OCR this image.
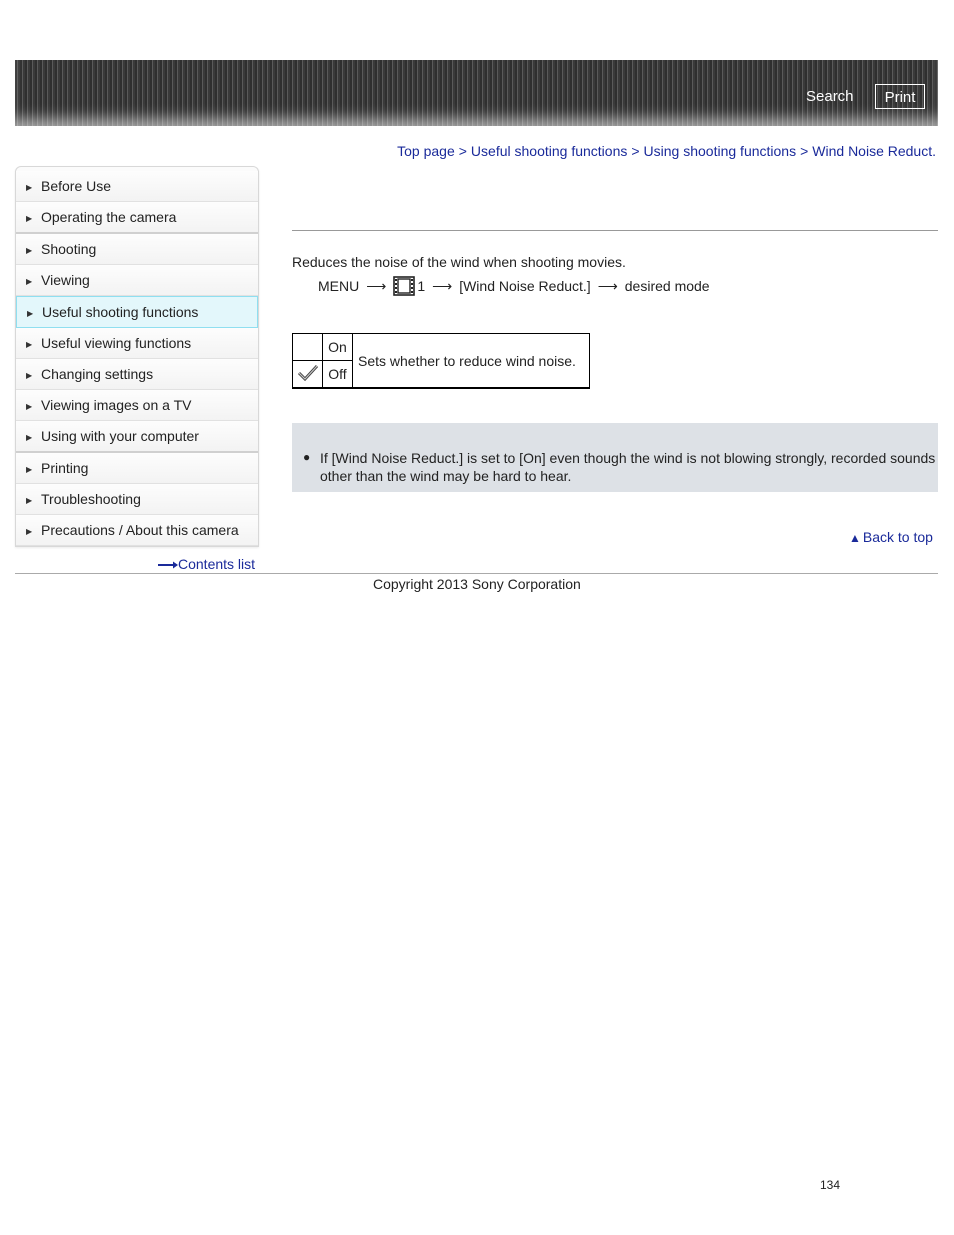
Search	Print
Top page > Useful shooting functions > Using shooting functions > Wind Noise Reduct.
▶ Before Use
▶ Operating the camera
▶ Shooting
▶ Viewing
▶ Useful shooting functions
▶ Useful viewing functions
▶ Changing settings
▶ Viewing images on a TV
▶ Using with your computer
▶ Printing
▶ Troubleshooting
▶ Precautions / About this camera
Contents list
Reduces the noise of the wind when shooting movies.
MENU ⟶ 1 ⟶ [Wind Noise Reduct.] ⟶ desired mode
	On	Sets whether to reduce wind noise.
	Off	
● If [Wind Noise Reduct.] is set to [On] even though the wind is not blowing strongly, recorded sounds other than the wind may be hard to hear.
▲ Back to top
Copyright 2013 Sony Corporation
134
